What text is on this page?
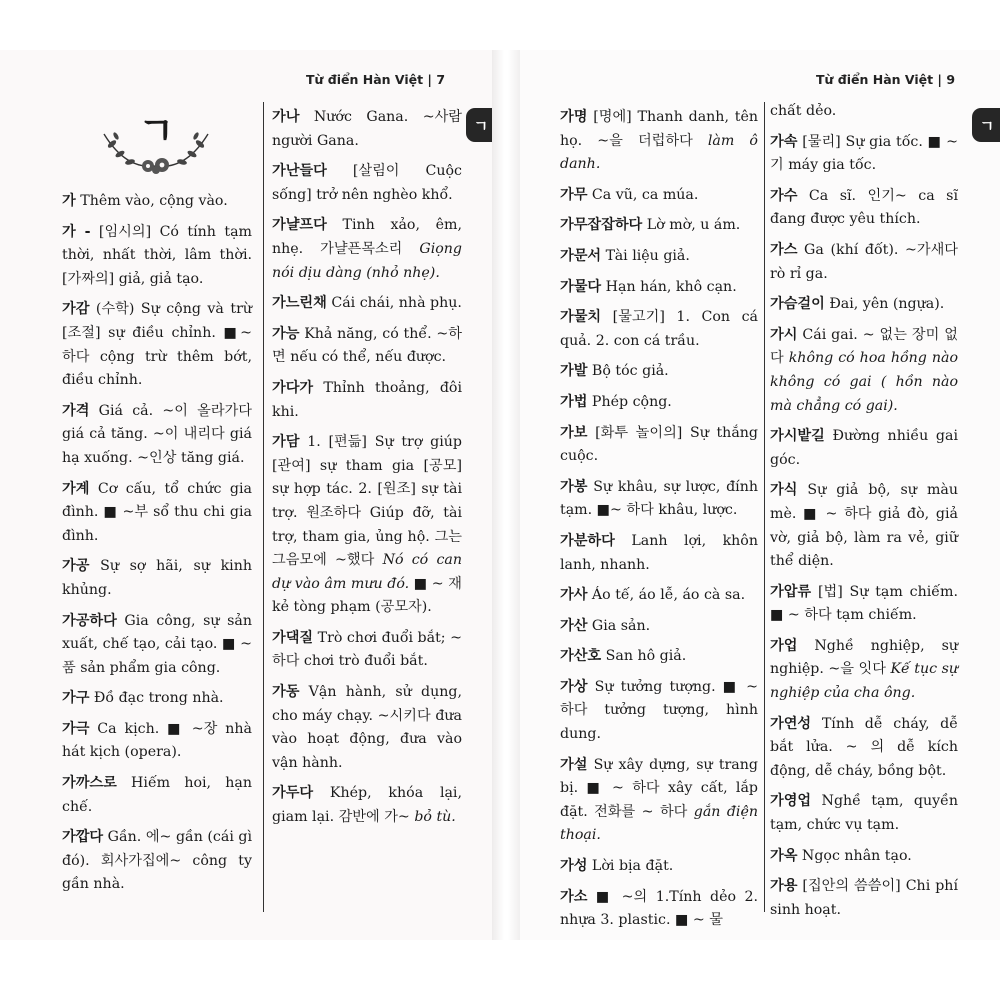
Từ điển Hàn Việt | 7
ㄱ
ㄱ
가 Thêm vào, cộng vào.
가 - [임시의] Có tính tạm thời, nhất thời, lâm thời. [가짜의] giả, giả tạo.
가감 (수학) Sự cộng và trừ [조절] sự điều chỉnh. ■~ 하다 cộng trừ thêm bớt, điều chỉnh.
가격 Giá cả. ~이 올라가다 giá cả tăng. ~이 내리다 giá hạ xuống. ~인상 tăng giá.
가계 Cơ cấu, tổ chức gia đình. ■ ~부 sổ thu chi gia đình.
가공 Sự sợ hãi, sự kinh khủng.
가공하다 Gia công, sự sản xuất, chế tạo, cải tạo. ■ ~품 sản phẩm gia công.
가구 Đồ đạc trong nhà.
가극 Ca kịch. ■ ~장 nhà hát kịch (opera).
가까스로 Hiếm hoi, hạn chế.
가깝다 Gần. 에~ gần (cái gì đó). 회사가집에~ công ty gần nhà.
가나 Nước Gana. ~사람 người Gana.
가난들다 [살림이 Cuộc sống] trở nên nghèo khổ.
가냘프다 Tinh xảo, êm, nhẹ. 가냘픈목소리 Giọng nói dịu dàng (nhỏ nhẹ).
가느린채 Cái chái, nhà phụ.
가능 Khả năng, có thể. ~하면 nếu có thể, nếu được.
가다가 Thỉnh thoảng, đôi khi.
가담 1. [편듦] Sự trợ giúp [관여] sự tham gia [공모] sự hợp tác. 2. [원조] sự tài trợ. 원조하다 Giúp đỡ, tài trợ, tham gia, ủng hộ. 그는 그음모에 ~했다 Nó có can dự vào âm mưu đó. ■ ~ 재 kẻ tòng phạm (공모자).
가댁질 Trò chơi đuổi bắt; ~하다 chơi trò đuổi bắt.
가동 Vận hành, sử dụng, cho máy chạy. ~시키다 đưa vào hoạt động, đưa vào vận hành.
가두다 Khép, khóa lại, giam lại. 감반에 가~ bỏ tù.
Từ điển Hàn Việt | 9
ㄱ
가명 [명에] Thanh danh, tên họ. ~을 더럽하다 làm ô danh.
가무 Ca vũ, ca múa.
가무잡잡하다 Lờ mờ, u ám.
가문서 Tài liệu giả.
가물다 Hạn hán, khô cạn.
가물치 [물고기] 1. Con cá quả. 2. con cá trầu.
가발 Bộ tóc giả.
가법 Phép cộng.
가보 [화투 놀이의] Sự thắng cuộc.
가봉 Sự khâu, sự lược, đính tạm. ■~ 하다 khâu, lược.
가분하다 Lanh lợi, khôn lanh, nhanh.
가사 Áo tế, áo lễ, áo cà sa.
가산 Gia sản.
가산호 San hô giả.
가상 Sự tưởng tượng. ■ ~ 하다 tưởng tượng, hình dung.
가설 Sự xây dựng, sự trang bị. ■ ~ 하다 xây cất, lắp đặt. 전화를 ~ 하다 gắn điện thoại.
가성 Lời bịa đặt.
가소 ■ ~의 1.Tính dẻo 2. nhựa 3. plastic. ■ ~ 물
chất dẻo.
가속 [물리] Sự gia tốc. ■ ~ 기 máy gia tốc.
가수 Ca sĩ. 인기~ ca sĩ đang được yêu thích.
가스 Ga (khí đốt). ~가새다 rò rỉ ga.
가슴걸이 Đai, yên (ngựa).
가시 Cái gai. ~ 없는 장미 없다 không có hoa hồng nào không có gai ( hồn nào mà chẳng có gai).
가시밭길 Đường nhiều gai góc.
가식 Sự giả bộ, sự màu mè. ■ ~ 하다 giả đò, giả vờ, giả bộ, làm ra vẻ, giữ thể diện.
가압류 [법] Sự tạm chiếm. ■ ~ 하다 tạm chiếm.
가업 Nghề nghiệp, sự nghiệp. ~을 잇다 Kế tục sự nghiệp của cha ông.
가연성 Tính dễ cháy, dễ bắt lửa. ~ 의 dễ kích động, dễ cháy, bồng bột.
가영업 Nghề tạm, quyền tạm, chức vụ tạm.
가옥 Ngọc nhân tạo.
가용 [집안의 씀씀이] Chi phí sinh hoạt.
